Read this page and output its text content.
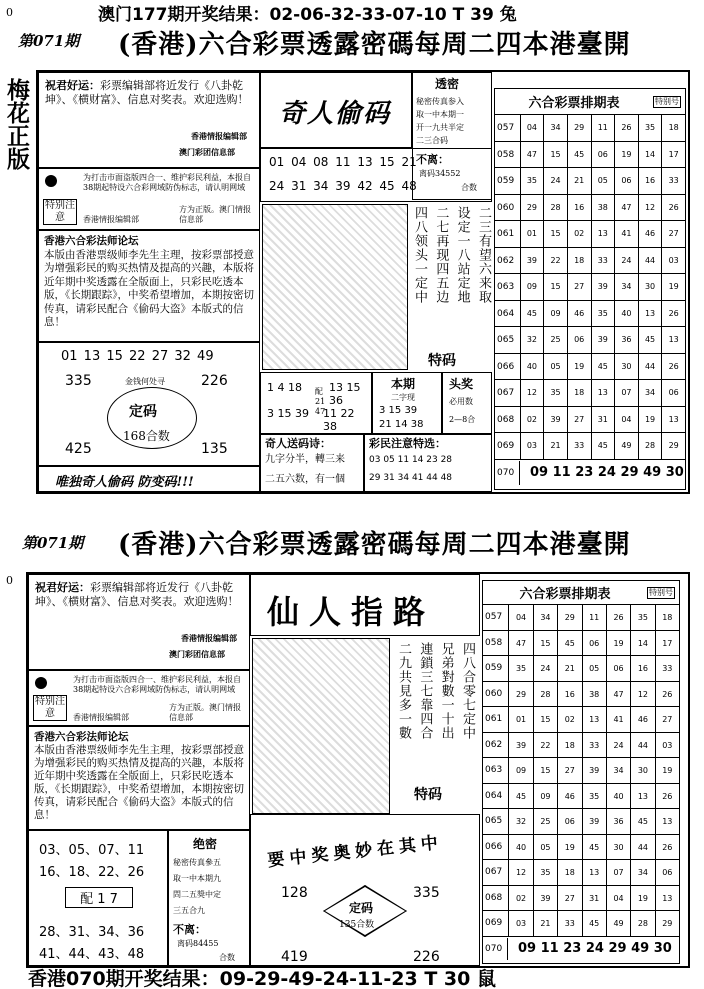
澳门177期开奖结果：02-06-32-33-07-10 T 39 兔
0
梅花正版
第071期 (香港)六合彩票透露密碼每周二四本港臺開
祝君好运：彩票编辑部将近发行《八卦乾坤》、《横财富》、信息对奖表。欢迎选购！
香港情报编辑部
澳门彩团信息部
为打击市面盗版四合一、维护彩民利益，本报自38期起特设六合彩网域防伪标志，请认明网域
特别注意	香港情报编辑部
方为正版。澳门情报信息部
香港六合彩法师论坛
本版由香港票级师李先生主理，按彩票部授意为增强彩民的购买热情及提高的兴趣，本版将近年期中奖透露在全版面上，只彩民吃透本版，《长期跟踪》，中奖希望增加，本期按密切传真，请彩民配合《偷码大盗》本版式的信息！
01 13 15 22 27 32 49
335	226
425	135
金钱何处寻
定码
168合数
唯独奇人偷码 防变码!!!
奇人偷码
01 04 08 11 13 15 21
24 31 34 39 42 45 48
二三有望六来取
设定一八站定地
二七再现四五边
四八领头一定中
特码
1 4 18
3 15 39
配 21 47
13 15 36
11 22 38
本期
二字现
3 15 39
21 14 38
头奖
必用数
2—8合
奇人送码诗：
九字分半，轉三来
二五六数，有一個
彩民注意特选：
03 05 11 14 23 28
29 31 34 41 44 48
透密
秘密传真参入
取一中本期一
开一九共半定
二三合码
不离：
离码34552
合数
六合彩票排期表	特别号
057	04	34	29	11	26	35	18
058	47	15	45	06	19	14	17
059	35	24	21	05	06	16	33
060	29	28	16	38	47	12	26
061	01	15	02	13	41	46	27
062	39	22	18	33	24	44	03
063	09	15	27	39	34	30	19
064	45	09	46	35	40	13	26
065	32	25	06	39	36	45	13
066	40	05	19	45	30	44	26
067	12	35	18	13	07	34	06
068	02	39	27	31	04	19	13
069	03	21	33	45	49	28	29
070	09 11 23 24 29 49 30
第071期 (香港)六合彩票透露密碼每周二四本港臺開
0
祝君好运：彩票编辑部将近发行《八卦乾坤》、《横财富》、信息对奖表。欢迎选购！
香港情报编辑部
澳门彩团信息部
为打击市面盗版四合一、维护彩民利益，本报自38期起特设六合彩网域防伪标志，请认明网域
特别注意	香港情报编辑部
方为正版。澳门情报信息部
香港六合彩法师论坛
本版由香港票级师李先生主理，按彩票部授意为增强彩民的购买热情及提高的兴趣，本版将近年期中奖透露在全版面上，只彩民吃透本版，《长期跟踪》，中奖希望增加，本期按密切传真，请彩民配合《偷码大盗》本版式的信息！
03、05、07、11
16、18、22、26
配 1 7
28、31、34、36
41、44、43、48
绝密
秘密传真參五
取一中本期九
問二五獎中定
三五合九
不离：
离码84455
合数
仙人指路
四八合零七定中
兄弟對數一十出
連鎖三七靠四合
二九共見多一數
特码
要中奖奥妙在其中
128	335
419	226
定码
135合数
六合彩票排期表	特别号
057	04	34	29	11	26	35	18
058	47	15	45	06	19	14	17
059	35	24	21	05	06	16	33
060	29	28	16	38	47	12	26
061	01	15	02	13	41	46	27
062	39	22	18	33	24	44	03
063	09	15	27	39	34	30	19
064	45	09	46	35	40	13	26
065	32	25	06	39	36	45	13
066	40	05	19	45	30	44	26
067	12	35	18	13	07	34	06
068	02	39	27	31	04	19	13
069	03	21	33	45	49	28	29
070	09 11 23 24 29 49 30
香港070期开奖结果：09-29-49-24-11-23 T 30 鼠
